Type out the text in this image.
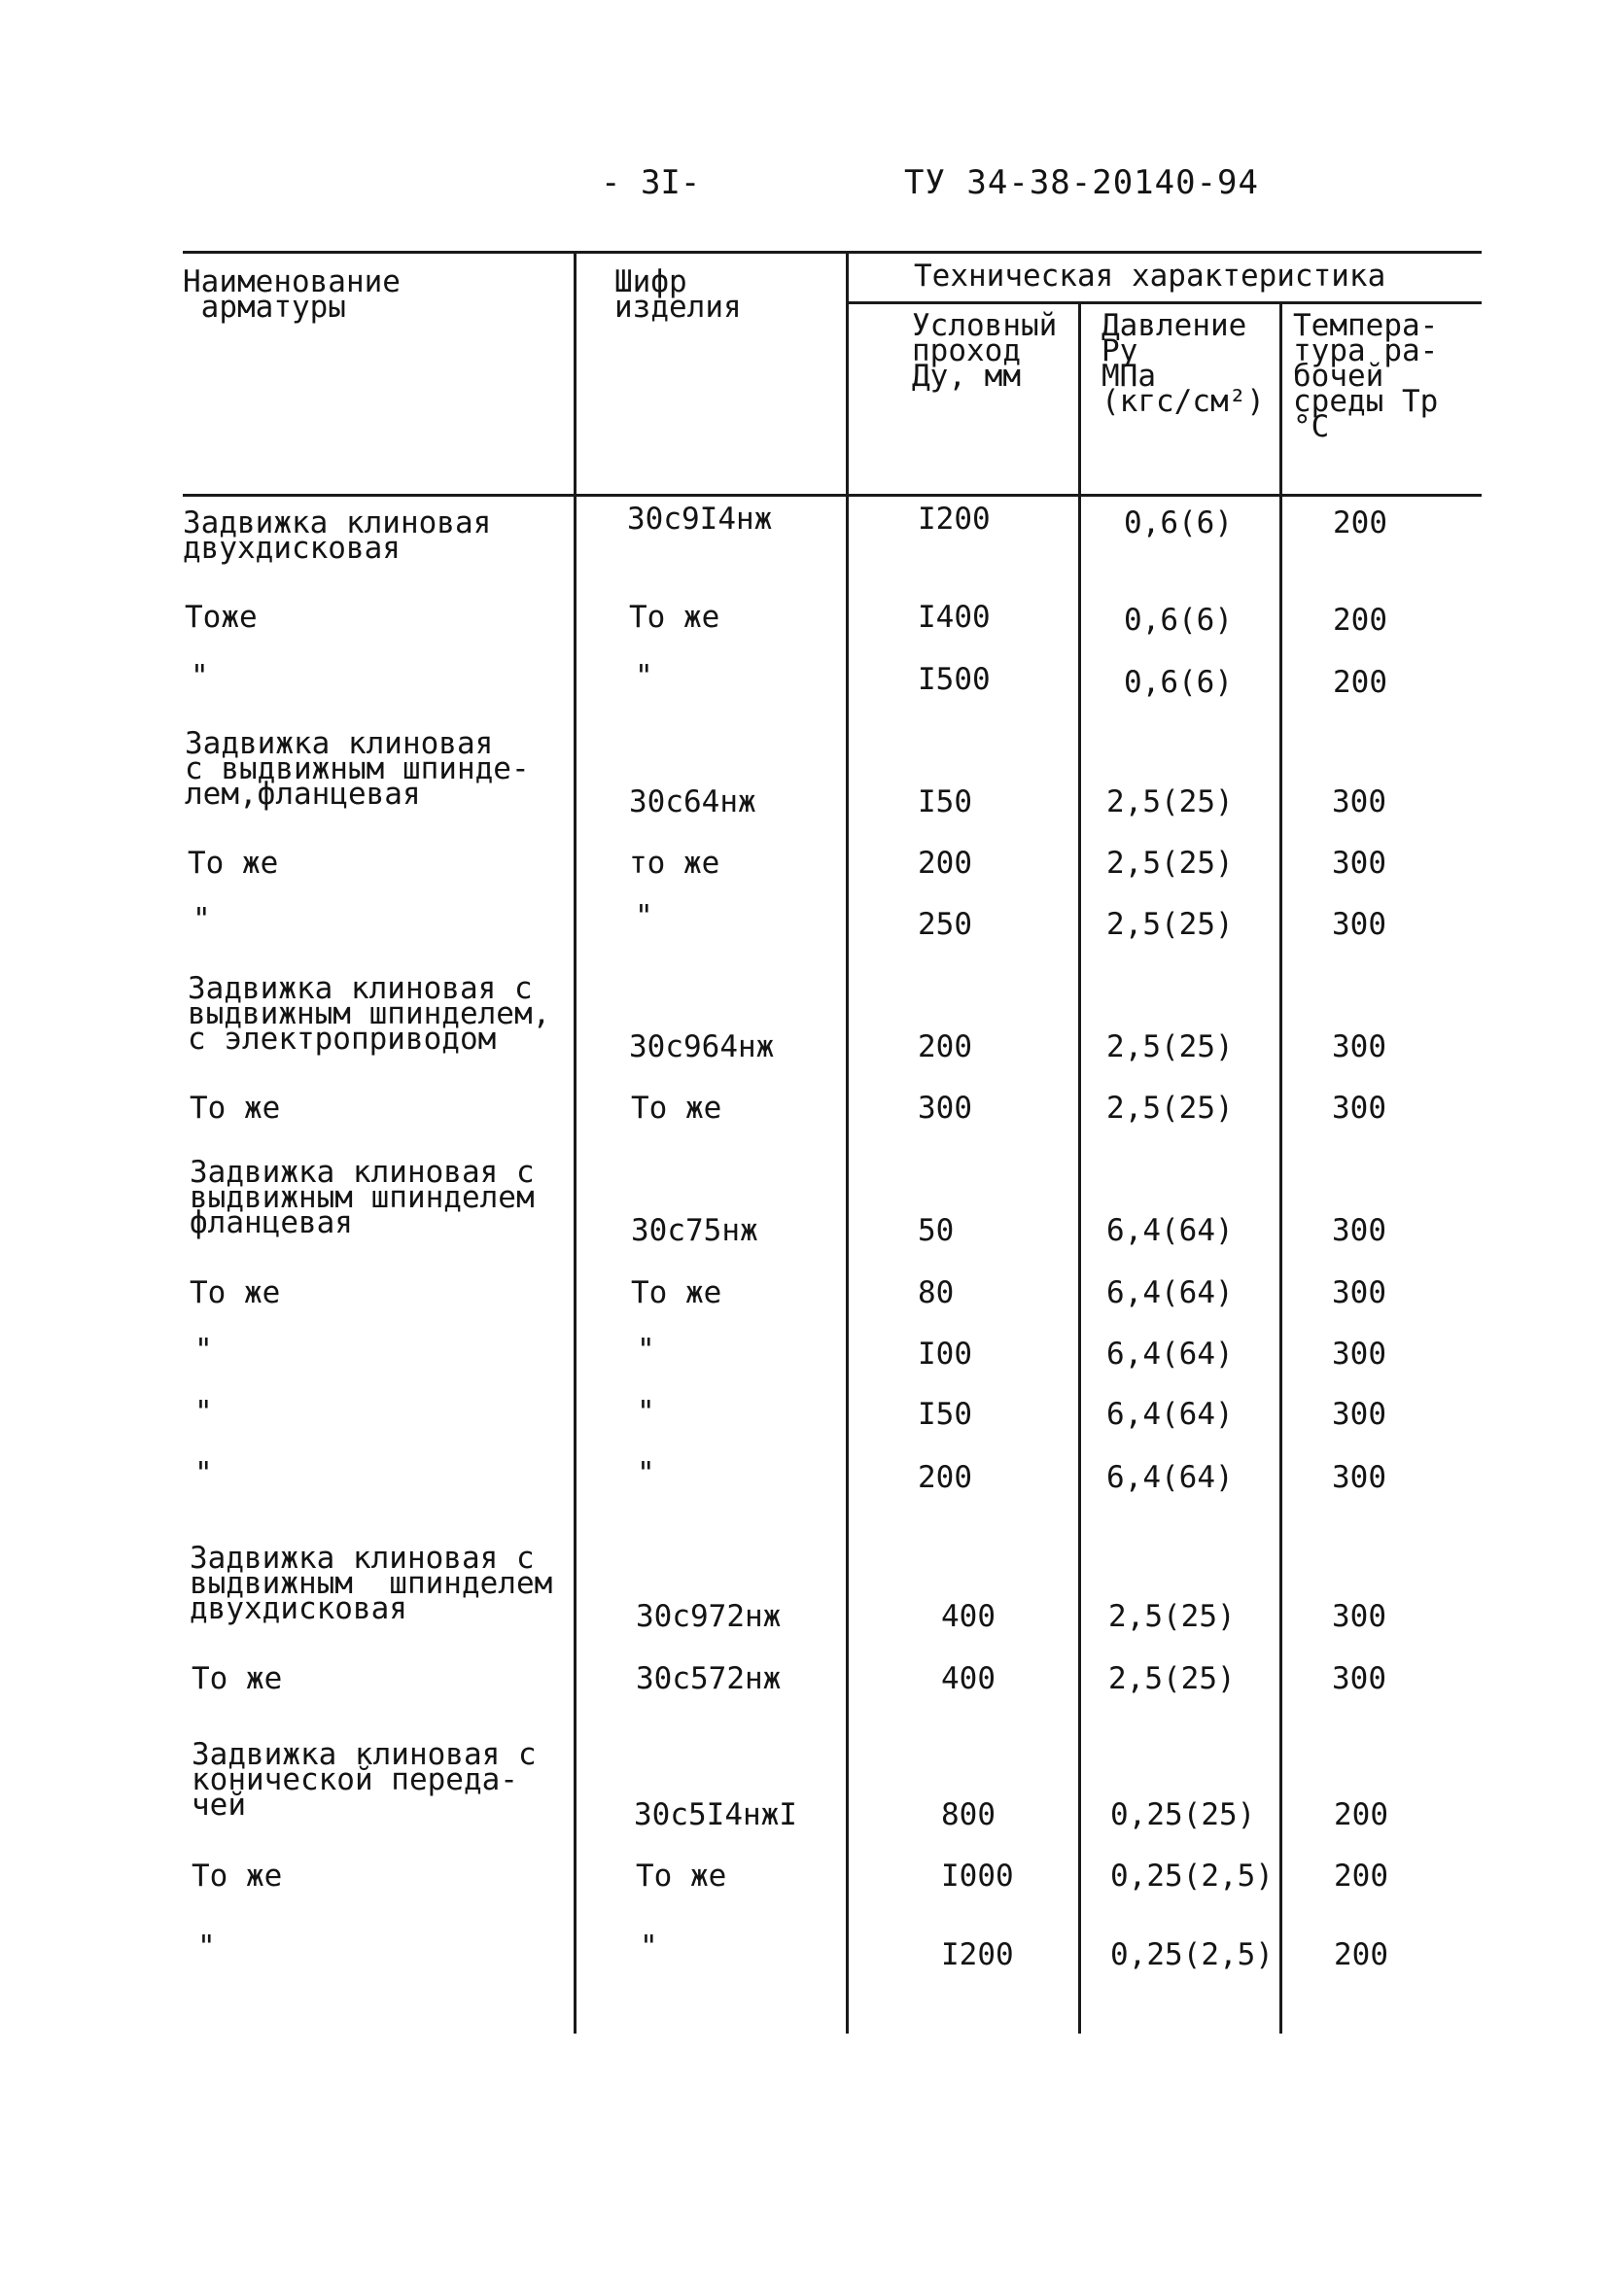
- 3I-	ТУ 34-38-20140-94
Наименование
арматуры
Шифр
изделия
Техническая характеристика
Условный
проход
Ду, мм
Давление
Ру
МПа
(кгс/см²)
Темпера-
тура ра-
бочей
среды Тр
°С
Задвижка клиновая
двухдисковая
30с9I4нж	I200	0,6(6)	200
Тоже	То же	I400	0,6(6)	200
"	"	I500	0,6(6)	200
Задвижка клиновая
с выдвижным шпинде-
лем,фланцевая	30с64нж	I50	2,5(25)	300
То же	то же	200	2,5(25)	300
"	"	250	2,5(25)	300
Задвижка клиновая с
выдвижным шпинделем,
с электроприводом	30с964нж	200	2,5(25)	300
То же	То же	300	2,5(25)	300
Задвижка клиновая с
выдвижным шпинделем
фланцевая	30с75нж	50	6,4(64)	300
То же	То же	80	6,4(64)	300
"	"	I00	6,4(64)	300
"	"	I50	6,4(64)	300
"	"	200	6,4(64)	300
Задвижка клиновая с
выдвижным  шпинделем
двухдисковая	30с972нж	400	2,5(25)	300
То же	30с572нж	400	2,5(25)	300
Задвижка клиновая с
конической переда-
чей	30с5I4нжI	800	0,25(25)	200
То же	То же	I000	0,25(2,5) 200
"	"	I200	0,25(2,5) 200
